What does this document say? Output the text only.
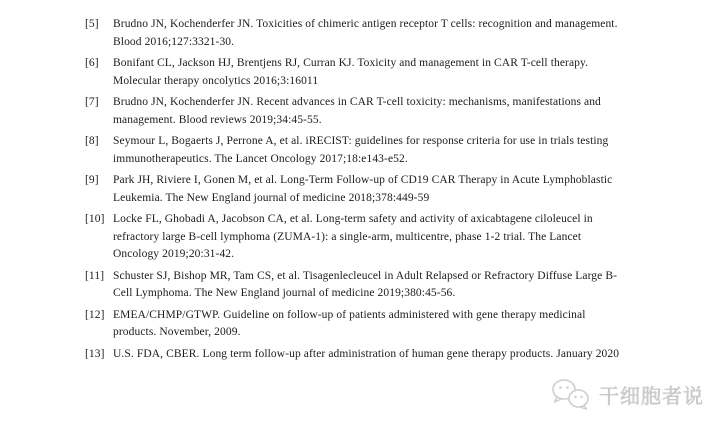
[5] Brudno JN, Kochenderfer JN. Toxicities of chimeric antigen receptor T cells: recognition and management. Blood 2016;127:3321-30.
[6] Bonifant CL, Jackson HJ, Brentjens RJ, Curran KJ. Toxicity and management in CAR T-cell therapy. Molecular therapy oncolytics 2016;3:16011
[7] Brudno JN, Kochenderfer JN. Recent advances in CAR T-cell toxicity: mechanisms, manifestations and management. Blood reviews 2019;34:45-55.
[8] Seymour L, Bogaerts J, Perrone A, et al. iRECIST: guidelines for response criteria for use in trials testing immunotherapeutics. The Lancet Oncology 2017;18:e143-e52.
[9] Park JH, Riviere I, Gonen M, et al. Long-Term Follow-up of CD19 CAR Therapy in Acute Lymphoblastic Leukemia. The New England journal of medicine 2018;378:449-59
[10] Locke FL, Ghobadi A, Jacobson CA, et al. Long-term safety and activity of axicabtagene ciloleucel in refractory large B-cell lymphoma (ZUMA-1): a single-arm, multicentre, phase 1-2 trial. The Lancet Oncology 2019;20:31-42.
[11] Schuster SJ, Bishop MR, Tam CS, et al. Tisagenlecleucel in Adult Relapsed or Refractory Diffuse Large B-Cell Lymphoma. The New England journal of medicine 2019;380:45-56.
[12] EMEA/CHMP/GTWP. Guideline on follow-up of patients administered with gene therapy medicinal products. November, 2009.
[13] U.S. FDA, CBER. Long term follow-up after administration of human gene therapy products. January 2020
干细胞者说
